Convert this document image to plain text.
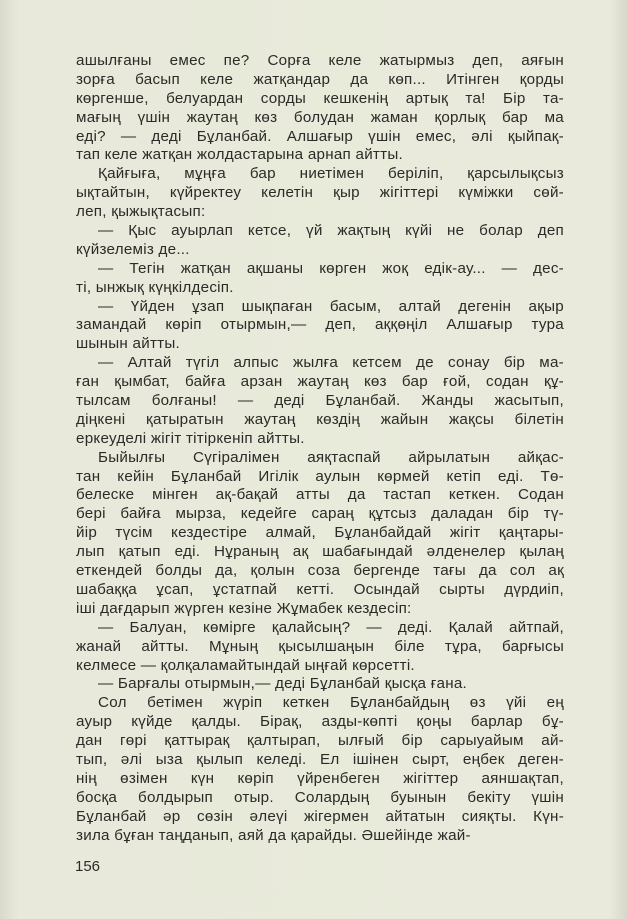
ашылғаны емес пе? Сорға келе жатырмыз деп, аяғын
зорға басып келе жатқандар да көп... Итінген қорды
көргенше, белуардан сорды кешкенің артық та! Бір та-
мағың үшін жаутаң көз болудан жаман қорлық бар ма
еді? — деді Бұланбай. Алшағыр үшін емес, әлі қыйпақ-
тап келе жатқан жолдастарына арнап айтты.
Қайғыға, мұңға бар ниетімен беріліп, қарсылықсыз
ықтайтын, күйректеу келетін қыр жігіттері күміжки сөй-
леп, қыжықтасып:
— Қыс ауырлап кетсе, үй жақтың күйі не болар деп
күйзелеміз де...
— Тегін жатқан ақшаны көрген жоқ едік-ау... — дес-
ті, ынжық күңкілдесіп.
— Үйден ұзап шықпаған басым, алтай дегенін ақыр
замандай көріп отырмын,— деп, аққөңіл Алшағыр тура
шынын айтты.
— Алтай түгіл алпыс жылға кетсем де сонау бір ма-
ған қымбат, байға арзан жаутаң көз бар ғой, содан құ-
тылсам болғаны! — деді Бұланбай. Жанды жасытып,
діңкені қатыратын жаутаң көздің жайын жақсы білетін
еркеуделі жігіт тітіркеніп айтты.
Быйылғы Сүгіралімен аяқтаспай айрылатын айқас-
тан кейін Бұланбай Игілік аулын көрмей кетіп еді. Тө-
белеске мінген ақ-бақай атты да тастап кеткен. Содан
бері байға мырза, кедейге сараң құтсыз даладан бір тү-
йір түсім кездестіре алмай, Бұланбайдай жігіт қаңтары-
лып қатып еді. Нұраның ақ шабағындай әлденелер қылаң
еткендей болды да, қолын соза бергенде тағы да сол ақ
шабаққа ұсап, ұстатпай кетті. Осындай сырты дүрдиіп,
іші дағдарып жүрген кезіне Жұмабек кездесіп:
— Балуан, көмірге қалайсың? — деді. Қалай айтпай,
жанай айтты. Мұның қысылшаңын біле тұра, барғысы
келмесе — қолқаламайтындай ыңғай көрсетті.
— Барғалы отырмын,— деді Бұланбай қысқа ғана.
Сол бетімен жүріп кеткен Бұланбайдың өз үйі ең
ауыр күйде қалды. Бірақ, азды-көпті қоңы барлар бұ-
дан гөрі қаттырақ қалтырап, ылғый бір сарыуайым ай-
тып, әлі ыза қылып келеді. Ел ішінен сырт, еңбек деген-
нің өзімен күн көріп үйренбеген жігіттер аяншақтап,
босқа болдырып отыр. Солардың буынын бекіту үшін
Бұланбай әр сөзін әлеүі жігермен айтатын сияқты. Күн-
зила бұған таңданып, аяй да қарайды. Әшейінде жай-
156
